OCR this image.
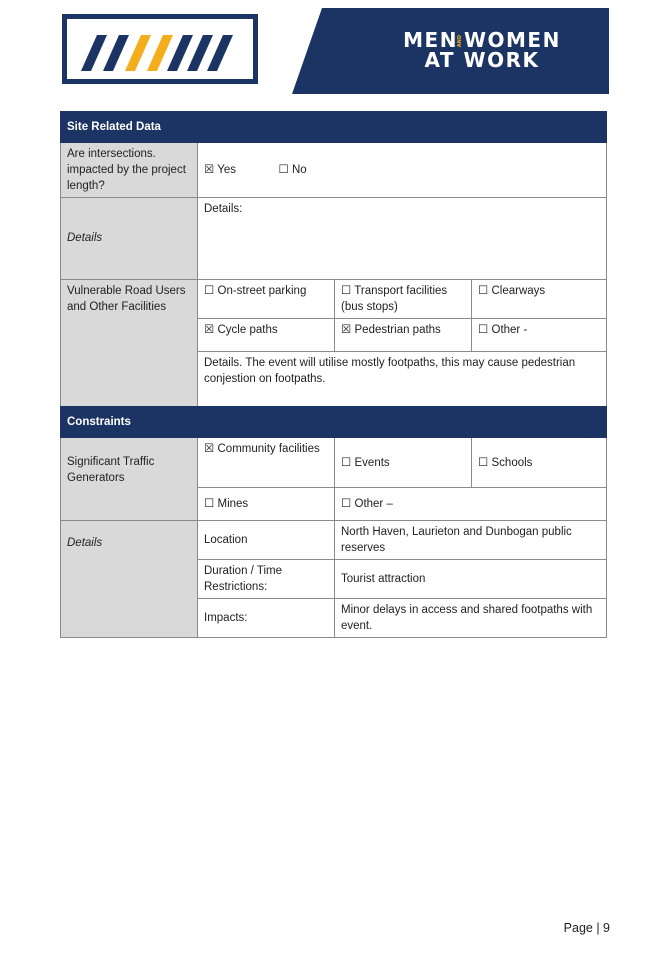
MENANDWOMEN
AT WORK
Site Related Data			
Are intersections. impacted by the project length?	☒ Yes ☐ No		
Details	Details:		
Vulnerable Road Users and Other Facilities	☐ On-street parking	☐ Transport facilities (bus stops)	☐ Clearways
	☒ Cycle paths	☒ Pedestrian paths	☐ Other -
	Details. The event will utilise mostly footpaths, this may cause pedestrian conjestion on footpaths.		
Constraints			
Significant Traffic Generators	☒ Community facilities	☐ Events	☐ Schools
	☐ Mines	☐ Other –	
Details	Location	North Haven, Laurieton and Dunbogan public reserves	
	Duration / Time Restrictions:	Tourist attraction	
	Impacts:	Minor delays in access and shared footpaths with event.	
Page | 9
